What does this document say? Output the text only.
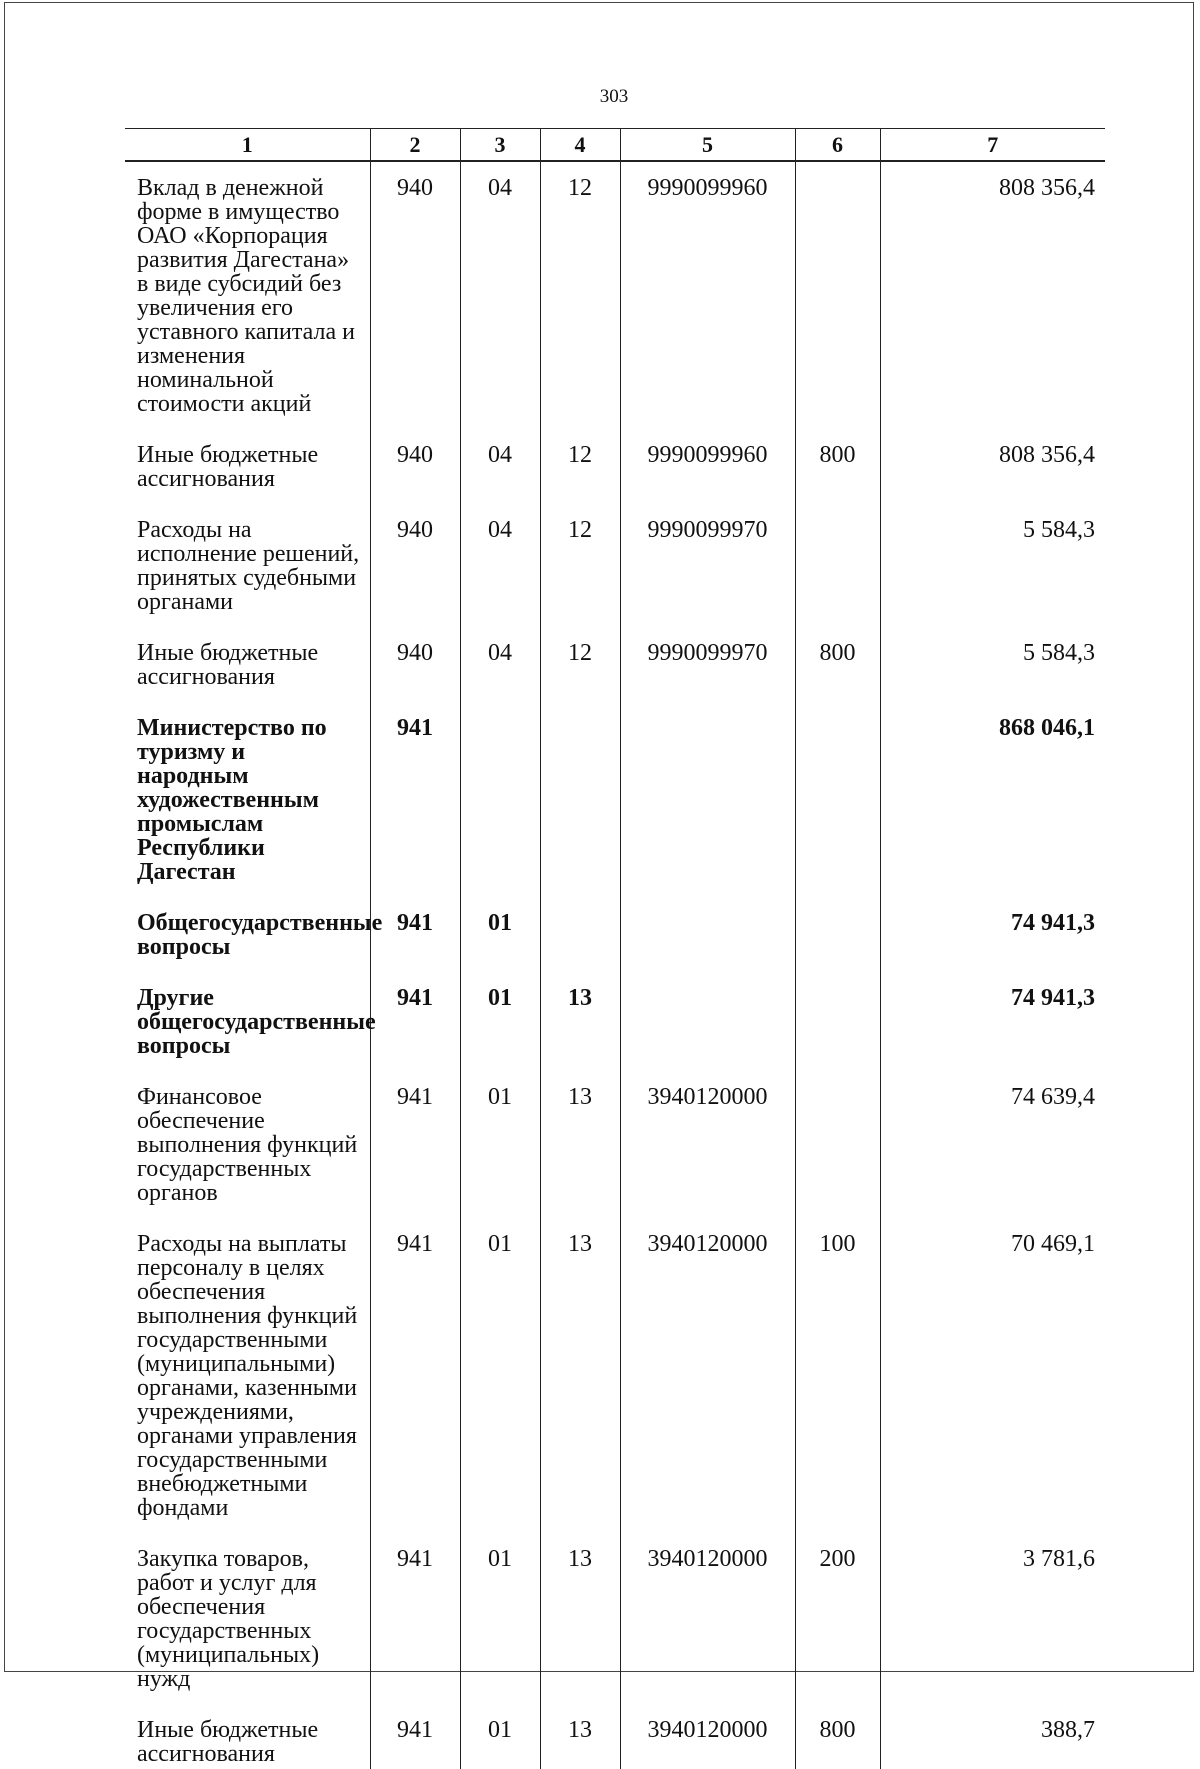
303
1	2	3	4	5	6	7

Вклад в денежной форме в имущество ОАО «Корпорация развития Дагестана» в виде субсидий без увеличения его уставного капитала и изменения номинальной стоимости акций	940	04	12	9990099960		808 356,4

Иные бюджетные ассигнования	940	04	12	9990099960	800	808 356,4

Расходы на исполнение решений, принятых судебными органами	940	04	12	9990099970		5 584,3

Иные бюджетные ассигнования	940	04	12	9990099970	800	5 584,3

Министерство по туризму и народным художественным промыслам Республики Дагестан	941					868 046,1

Общегосударственные вопросы	941	01				74 941,3

Другие общегосударственные вопросы	941	01	13			74 941,3

Финансовое обеспечение выполнения функций государственных органов	941	01	13	3940120000		74 639,4

Расходы на выплаты персоналу в целях обеспечения выполнения функций государственными (муниципальными) органами, казенными учреждениями, органами управления государственными внебюджетными фондами	941	01	13	3940120000	100	70 469,1

Закупка товаров, работ и услуг для обеспечения государственных (муниципальных) нужд	941	01	13	3940120000	200	3 781,6

Иные бюджетные ассигнования	941	01	13	3940120000	800	388,7
